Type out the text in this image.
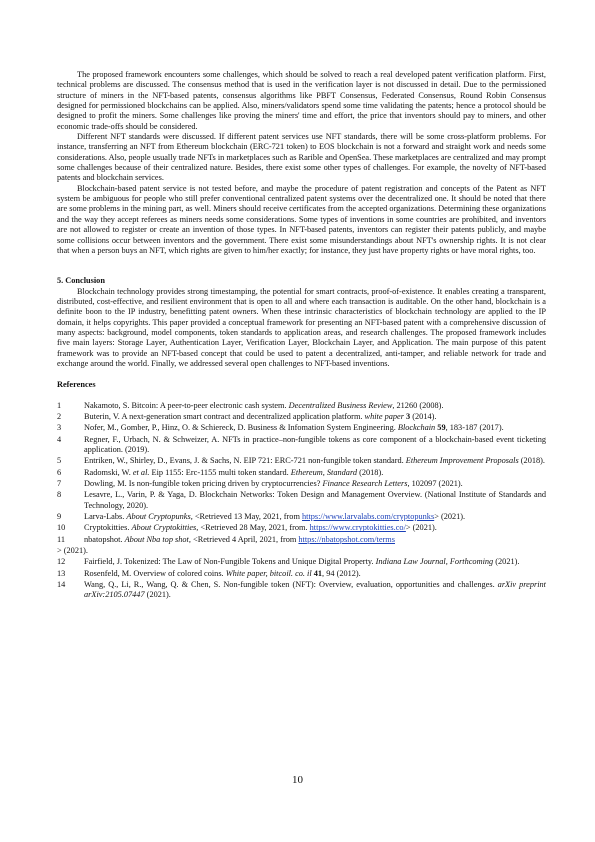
The proposed framework encounters some challenges, which should be solved to reach a real developed patent verification platform. First, technical problems are discussed. The consensus method that is used in the verification layer is not discussed in detail. Due to the permissioned structure of miners in the NFT-based patents, consensus algorithms like PBFT Consensus, Federated Consensus, Round Robin Consensus designed for permissioned blockchains can be applied. Also, miners/validators spend some time validating the patents; hence a protocol should be designed to profit the miners. Some challenges like proving the miners' time and effort, the price that inventors should pay to miners, and other economic trade-offs should be considered.

Different NFT standards were discussed. If different patent services use NFT standards, there will be some cross-platform problems. For instance, transferring an NFT from Ethereum blockchain (ERC-721 token) to EOS blockchain is not a forward and straight work and needs some considerations. Also, people usually trade NFTs in marketplaces such as Rarible and OpenSea. These marketplaces are centralized and may prompt some challenges because of their centralized nature. Besides, there exist some other types of challenges. For example, the novelty of NFT-based patents and blockchain services.

Blockchain-based patent service is not tested before, and maybe the procedure of patent registration and concepts of the Patent as NFT system be ambiguous for people who still prefer conventional centralized patent systems over the decentralized one. It should be noted that there are some problems in the mining part, as well. Miners should receive certificates from the accepted organizations. Determining these organizations and the way they accept referees as miners needs some considerations. Some types of inventions in some countries are prohibited, and inventors are not allowed to register or create an invention of those types. In NFT-based patents, inventors can register their patents publicly, and maybe some collisions occur between inventors and the government. There exist some misunderstandings about NFT's ownership rights. It is not clear that when a person buys an NFT, which rights are given to him/her exactly; for instance, they just have property rights or have moral rights, too.

5. Conclusion

Blockchain technology provides strong timestamping, the potential for smart contracts, proof-of-existence. It enables creating a transparent, distributed, cost-effective, and resilient environment that is open to all and where each transaction is auditable. On the other hand, blockchain is a definite boon to the IP industry, benefitting patent owners. When these intrinsic characteristics of blockchain technology are applied to the IP domain, it helps copyrights. This paper provided a conceptual framework for presenting an NFT-based patent with a comprehensive discussion of many aspects: background, model components, token standards to application areas, and research challenges. The proposed framework includes five main layers: Storage Layer, Authentication Layer, Verification Layer, Blockchain Layer, and Application. The main purpose of this patent framework was to provide an NFT-based concept that could be used to patent a decentralized, anti-tamper, and reliable network for trade and exchange around the world. Finally, we addressed several open challenges to NFT-based inventions.

References
1	Nakamoto, S. Bitcoin: A peer-to-peer electronic cash system. Decentralized Business Review, 21260 (2008).
2	Buterin, V. A next-generation smart contract and decentralized application platform. white paper 3 (2014).
3	Nofer, M., Gomber, P., Hinz, O. & Schiereck, D. Business & Infomation System Engineering. Blockchain 59, 183-187 (2017).
4	Regner, F., Urbach, N. & Schweizer, A. NFTs in practice–non-fungible tokens as core component of a blockchain-based event ticketing application. (2019).
5	Entriken, W., Shirley, D., Evans, J. & Sachs, N. EIP 721: ERC-721 non-fungible token standard. Ethereum Improvement Proposals (2018).
6	Radomski, W. et al. Eip 1155: Erc-1155 multi token standard. Ethereum, Standard (2018).
7	Dowling, M. Is non-fungible token pricing driven by cryptocurrencies? Finance Research Letters, 102097 (2021).
8	Lesavre, L., Varin, P. & Yaga, D. Blockchain Networks: Token Design and Management Overview. (National Institute of Standards and Technology, 2020).
9	Larva-Labs. About Cryptopunks, <Retrieved 13 May, 2021, from https://www.larvalabs.com/cryptopunks> (2021).
10	Cryptokitties. About Cryptokitties, <Retrieved 28 May, 2021, from. https://www.cryptokitties.co/> (2021).
11	nbatopshot. About Nba top shot, <Retrieved 4 April, 2021, from https://nbatopshot.com/terms
> (2021).
12	Fairfield, J. Tokenized: The Law of Non-Fungible Tokens and Unique Digital Property. Indiana Law Journal, Forthcoming (2021).
13	Rosenfeld, M. Overview of colored coins. White paper, bitcoil. co. il 41, 94 (2012).
14	Wang, Q., Li, R., Wang, Q. & Chen, S. Non-fungible token (NFT): Overview, evaluation, opportunities and challenges. arXiv preprint arXiv:2105.07447 (2021).
10
